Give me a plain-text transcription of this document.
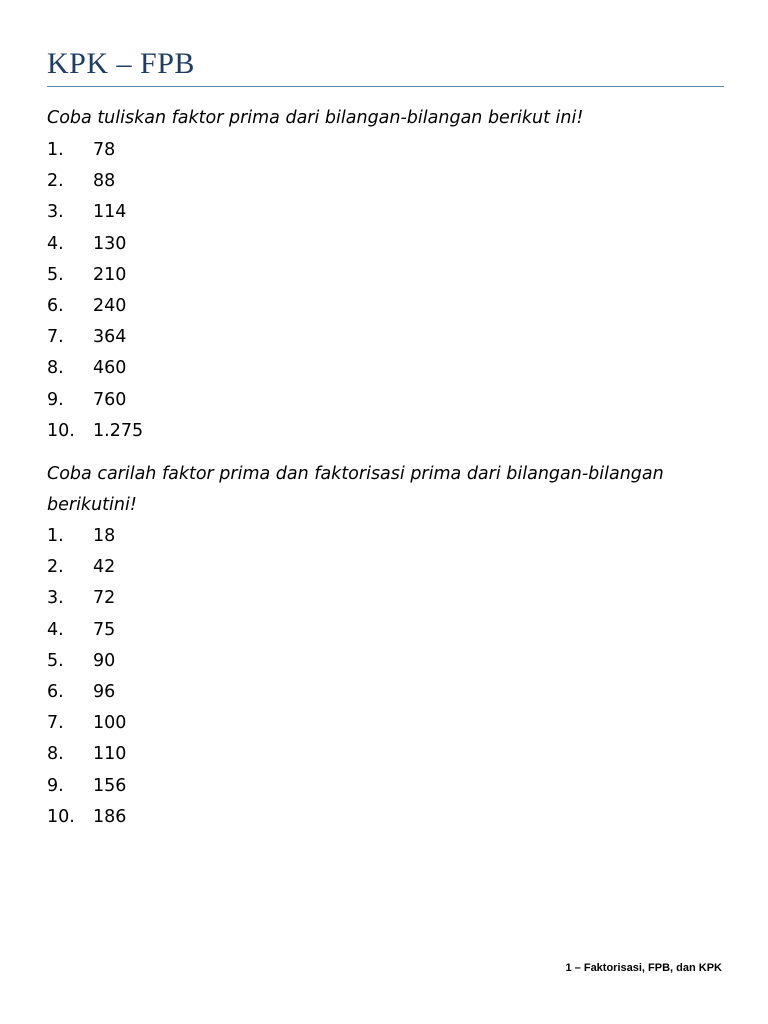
KPK – FPB

Coba tuliskan faktor prima dari bilangan-bilangan berikut ini!

1. 78
2. 88
3. 114
4. 130
5. 210
6. 240
7. 364
8. 460
9. 760
10. 1.275

Coba carilah faktor prima dan faktorisasi prima dari bilangan-bilangan berikutini!

1. 18
2. 42
3. 72
4. 75
5. 90
6. 96
7. 100
8. 110
9. 156
10. 186
1 – Faktorisasi, FPB, dan KPK
